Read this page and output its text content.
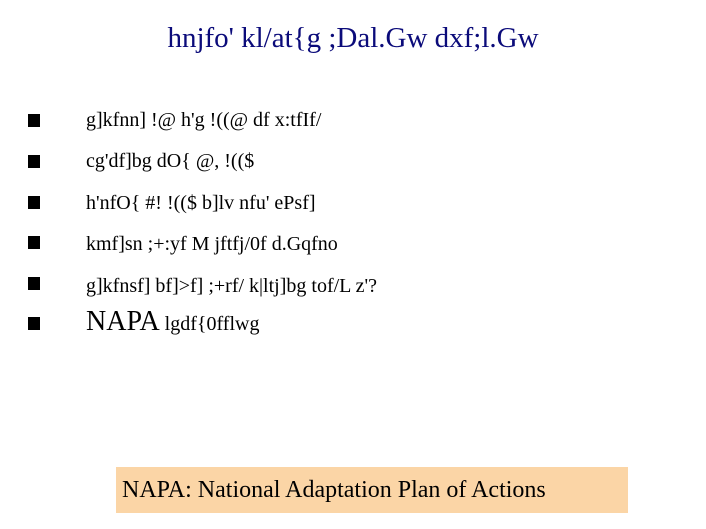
hnjfo' kl/at{g ;Dal.Gw dxf;l.Gw
g]kfnn] !@ h'g !((@ df x:tfIf/
cg'df]bg dO{ @, !(($
h'nfO{ #! !(($ b]lv nfu' ePsf]
kmf]sn ;+:yf M jftfj/0f d.Gqfno
g]kfnsf] bf]>f] ;+rf/ k|ltj]bg tof/L z'?
NAPA lgdf{0fflwg
NAPA: National Adaptation Plan of Actions
